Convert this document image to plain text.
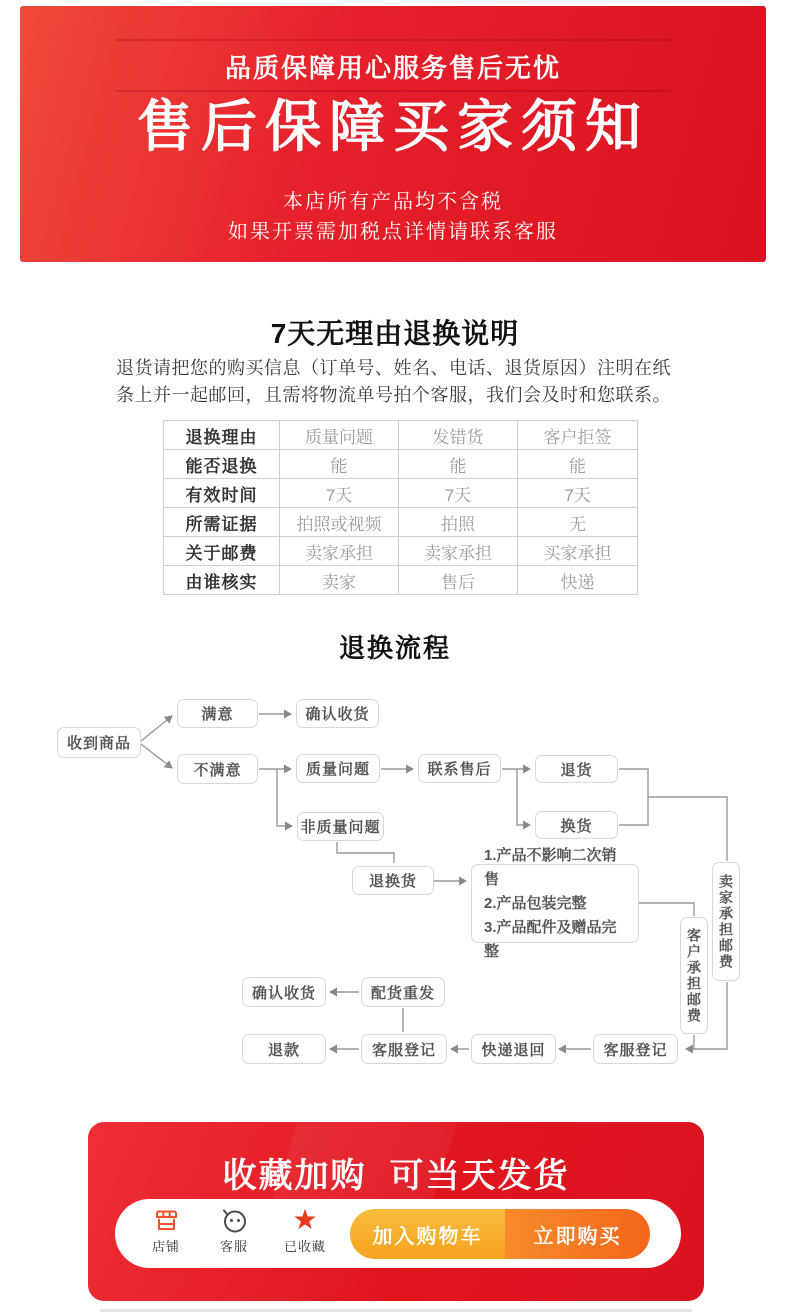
品质保障用心服务售后无忧
售后保障买家须知
本店所有产品均不含税
如果开票需加税点详情请联系客服
7天无理由退换说明
退货请把您的购买信息（订单号、姓名、电话、退货原因）注明在纸条上并一起邮回，且需将物流单号拍个客服，我们会及时和您联系。
退换理由	质量问题	发错货	客户拒签
能否退换	能	能	能
有效时间	7天	7天	7天
所需证据	拍照或视频	拍照	无
关于邮费	卖家承担	卖家承担	买家承担
由谁核实	卖家	售后	快递
退换流程
收到商品
满意	确认收货
不满意	质量问题	联系售后	退货
换货
非质量问题
退换货
1.产品不影响二次销售
2.产品包装完整
3.产品配件及赠品完整	卖家承担邮费
客户承担邮费
确认收货	配货重发
退款	客服登记	快递退回	客服登记
收藏加购  可当天发货
店铺	客服
★
已收藏	加入购物车	立即购买
